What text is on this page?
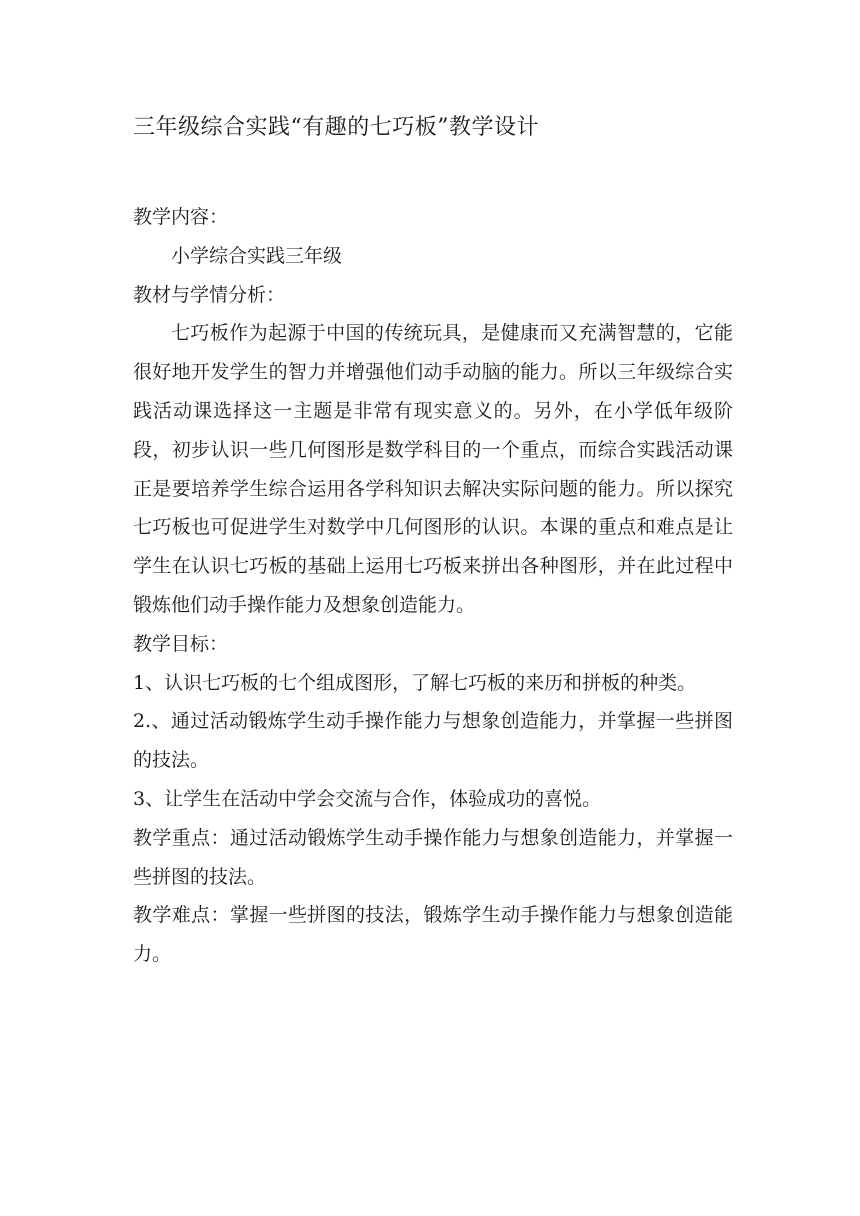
三年级综合实践“有趣的七巧板”教学设计

教学内容：

小学综合实践三年级

教材与学情分析：

七巧板作为起源于中国的传统玩具，是健康而又充满智慧的，它能很好地开发学生的智力并增强他们动手动脑的能力。所以三年级综合实践活动课选择这一主题是非常有现实意义的。另外，在小学低年级阶段，初步认识一些几何图形是数学科目的一个重点，而综合实践活动课正是要培养学生综合运用各学科知识去解决实际问题的能力。所以探究七巧板也可促进学生对数学中几何图形的认识。本课的重点和难点是让学生在认识七巧板的基础上运用七巧板来拼出各种图形，并在此过程中锻炼他们动手操作能力及想象创造能力。

教学目标：

1、认识七巧板的七个组成图形，了解七巧板的来历和拼板的种类。

2.、通过活动锻炼学生动手操作能力与想象创造能力，并掌握一些拼图的技法。

3、让学生在活动中学会交流与合作，体验成功的喜悦。

教学重点：通过活动锻炼学生动手操作能力与想象创造能力，并掌握一些拼图的技法。

教学难点：掌握一些拼图的技法，锻炼学生动手操作能力与想象创造能力。
